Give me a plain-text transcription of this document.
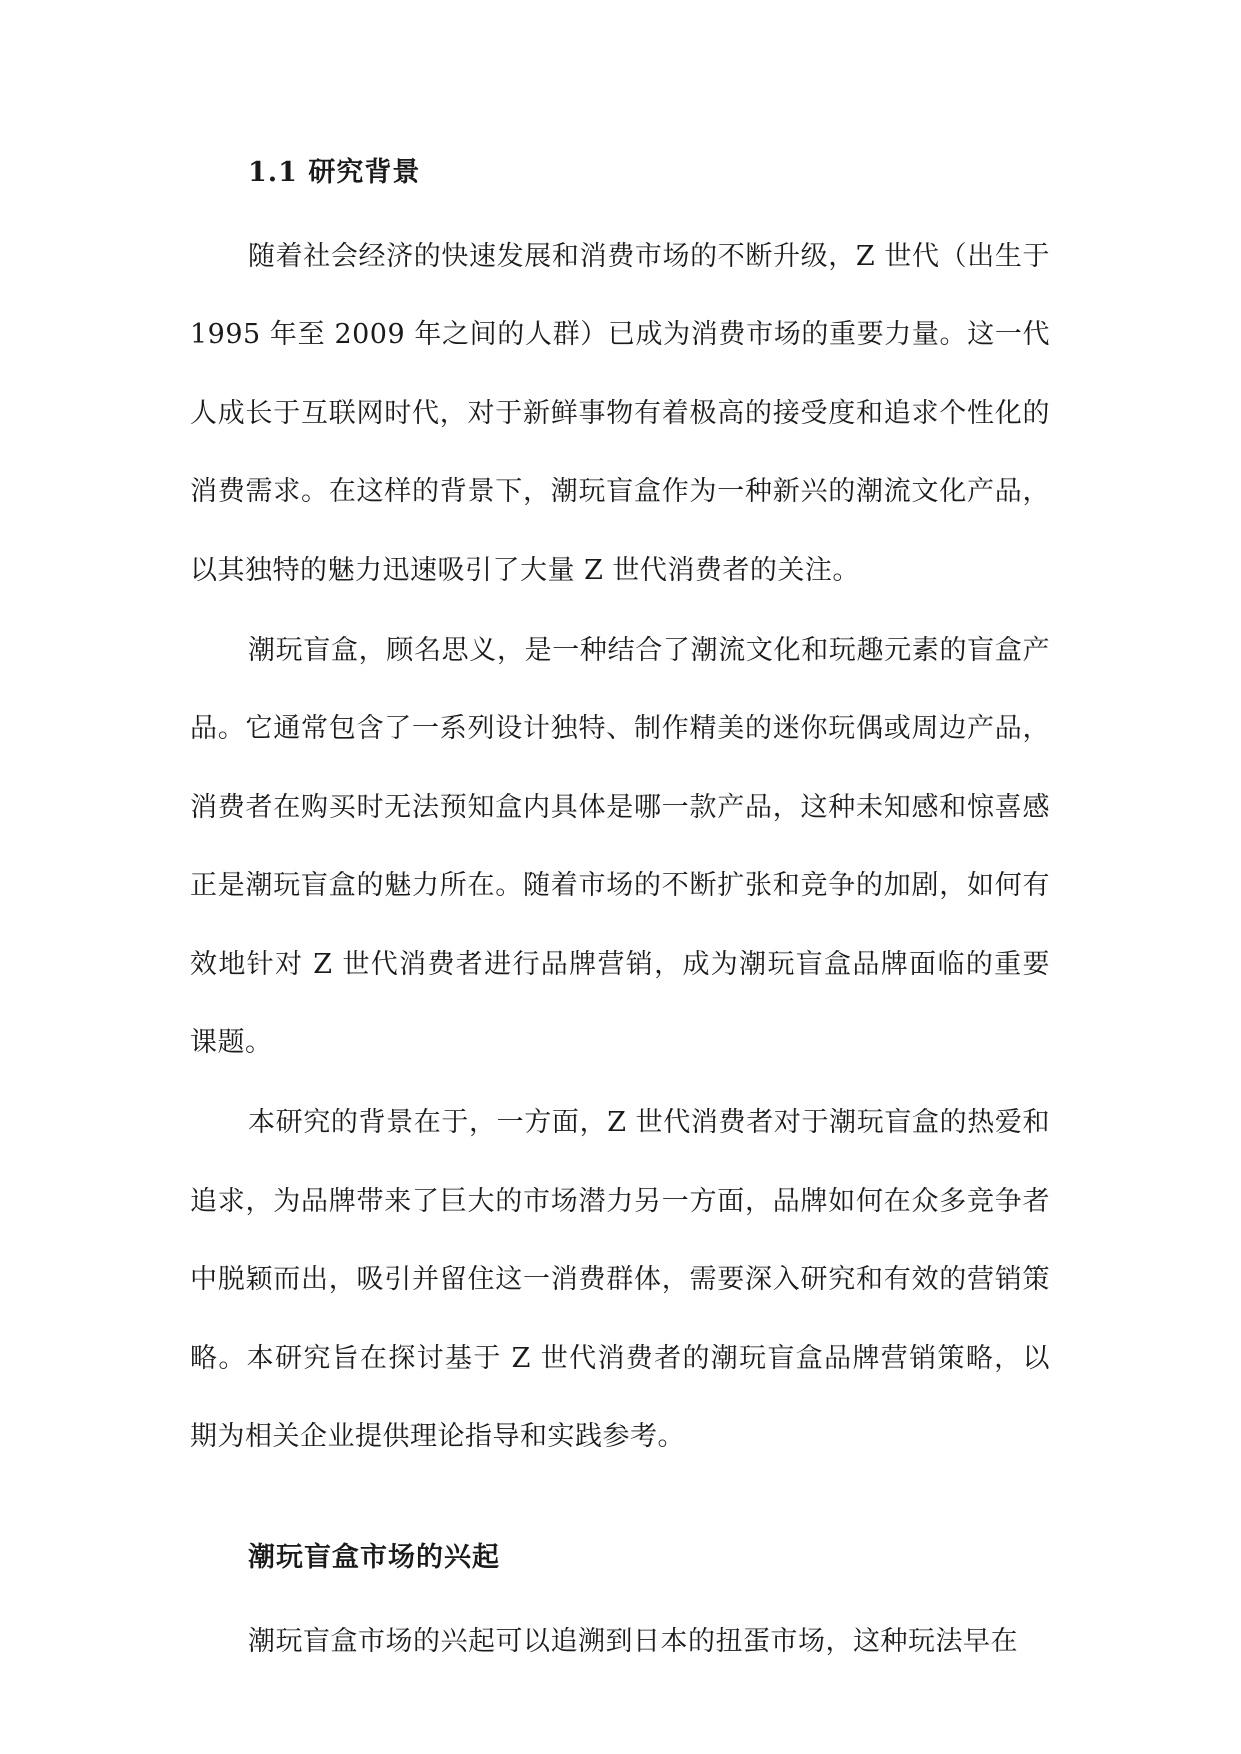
1.1 研究背景

随着社会经济的快速发展和消费市场的不断升级，Z 世代（出生于 1995 年至 2009 年之间的人群）已成为消费市场的重要力量。这一代人成长于互联网时代，对于新鲜事物有着极高的接受度和追求个性化的消费需求。在这样的背景下，潮玩盲盒作为一种新兴的潮流文化产品，以其独特的魅力迅速吸引了大量 Z 世代消费者的关注。

潮玩盲盒，顾名思义，是一种结合了潮流文化和玩趣元素的盲盒产品。它通常包含了一系列设计独特、制作精美的迷你玩偶或周边产品，消费者在购买时无法预知盒内具体是哪一款产品，这种未知感和惊喜感正是潮玩盲盒的魅力所在。随着市场的不断扩张和竞争的加剧，如何有效地针对 Z 世代消费者进行品牌营销，成为潮玩盲盒品牌面临的重要课题。

本研究的背景在于，一方面，Z 世代消费者对于潮玩盲盒的热爱和追求，为品牌带来了巨大的市场潜力另一方面，品牌如何在众多竞争者中脱颖而出，吸引并留住这一消费群体，需要深入研究和有效的营销策略。本研究旨在探讨基于 Z 世代消费者的潮玩盲盒品牌营销策略，以期为相关企业提供理论指导和实践参考。

潮玩盲盒市场的兴起

潮玩盲盒市场的兴起可以追溯到日本的扭蛋市场，这种玩法早在
